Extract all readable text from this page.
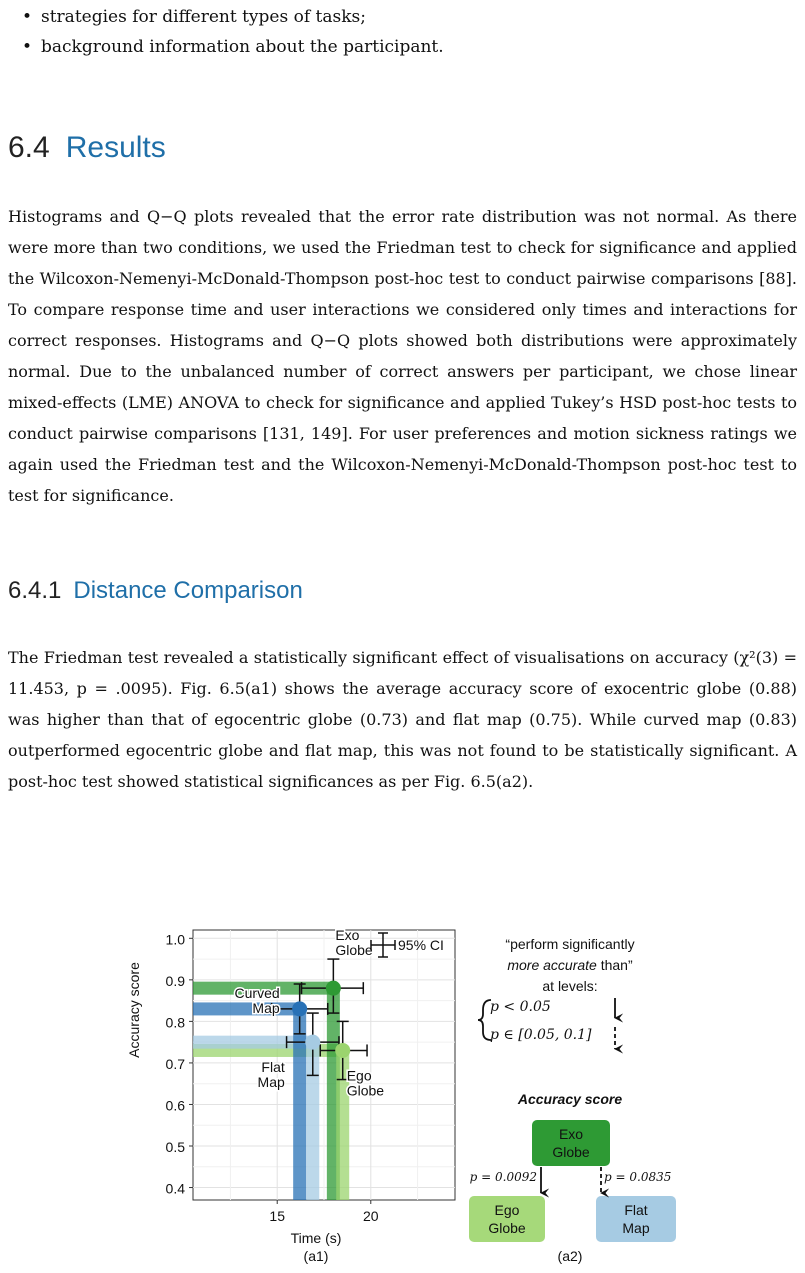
• strategies for different types of tasks;
• background information about the participant.
6.4 Results

Histograms and Q−Q plots revealed that the error rate distribution was not normal. As there were more than two conditions, we used the Friedman test to check for significance and applied the Wilcoxon-Nemenyi-McDonald-Thompson post-hoc test to conduct pairwise comparisons [88]. To compare response time and user interactions we considered only times and interactions for correct responses. Histograms and Q−Q plots showed both distributions were approximately normal. Due to the unbalanced number of correct answers per participant, we chose linear mixed-effects (LME) ANOVA to check for significance and applied Tukey’s HSD post-hoc tests to conduct pairwise comparisons [131, 149]. For user preferences and motion sickness ratings we again used the Friedman test and the Wilcoxon-Nemenyi-McDonald-Thompson post-hoc test to test for significance.

6.4.1 Distance Comparison

The Friedman test revealed a statistically significant effect of visualisations on accuracy (χ²(3) = 11.453, p = .0095). Fig. 6.5(a1) shows the average accuracy score of exocentric globe (0.88) was higher than that of egocentric globe (0.73) and flat map (0.75). While curved map (0.83) outperformed egocentric globe and flat map, this was not found to be statistically significant. A post-hoc test showed statistical significances as per Fig. 6.5(a2).

0.4
0.5
0.6
0.7
0.8
0.9
1.0
15	20
Exo
Globe
Curved
Map
Flat
Map	Ego
Globe
95% CI
Time (s)
Accuracy score
(a1)
“perform significantly
more accurate than”
at levels:
p < 0.05
p ∈ [0.05, 0.1]
Accuracy score
Exo
Globe
Ego
Globe
Flat
Map
p = 0.0092	p = 0.0835
(a2)
